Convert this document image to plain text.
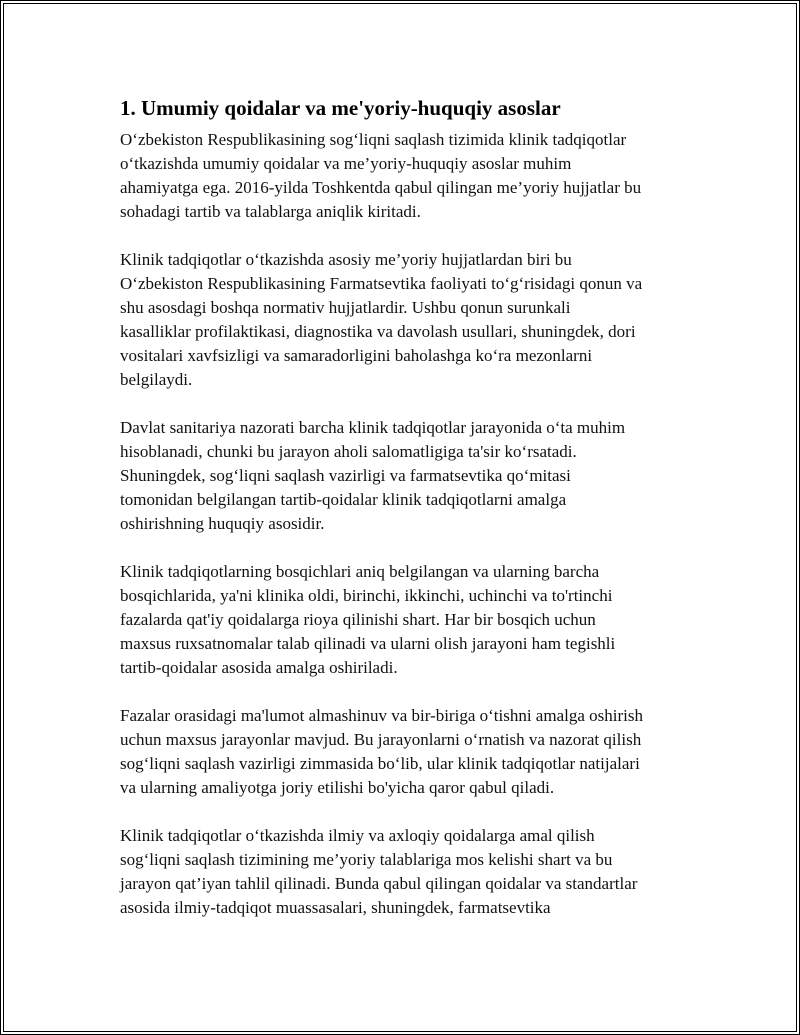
1. Umumiy qoidalar va me'yoriy-huquqiy asoslar

O‘zbekiston Respublikasining sog‘liqni saqlash tizimida klinik tadqiqotlar
o‘tkazishda umumiy qoidalar va me’yoriy-huquqiy asoslar muhim
ahamiyatga ega. 2016-yilda Toshkentda qabul qilingan me’yoriy hujjatlar bu
sohadagi tartib va talablarga aniqlik kiritadi.

Klinik tadqiqotlar o‘tkazishda asosiy me’yoriy hujjatlardan biri bu
O‘zbekiston Respublikasining Farmatsevtika faoliyati to‘g‘risidagi qonun va
shu asosdagi boshqa normativ hujjatlardir. Ushbu qonun surunkali
kasalliklar profilaktikasi, diagnostika va davolash usullari, shuningdek, dori
vositalari xavfsizligi va samaradorligini baholashga ko‘ra mezonlarni
belgilaydi.

Davlat sanitariya nazorati barcha klinik tadqiqotlar jarayonida o‘ta muhim
hisoblanadi, chunki bu jarayon aholi salomatligiga ta'sir ko‘rsatadi.
Shuningdek, sog‘liqni saqlash vazirligi va farmatsevtika qo‘mitasi
tomonidan belgilangan tartib-qoidalar klinik tadqiqotlarni amalga
oshirishning huquqiy asosidir.

Klinik tadqiqotlarning bosqichlari aniq belgilangan va ularning barcha
bosqichlarida, ya'ni klinika oldi, birinchi, ikkinchi, uchinchi va to'rtinchi
fazalarda qat'iy qoidalarga rioya qilinishi shart. Har bir bosqich uchun
maxsus ruxsatnomalar talab qilinadi va ularni olish jarayoni ham tegishli
tartib-qoidalar asosida amalga oshiriladi.

Fazalar orasidagi ma'lumot almashinuv va bir-biriga o‘tishni amalga oshirish
uchun maxsus jarayonlar mavjud. Bu jarayonlarni o‘rnatish va nazorat qilish
sog‘liqni saqlash vazirligi zimmasida bo‘lib, ular klinik tadqiqotlar natijalari
va ularning amaliyotga joriy etilishi bo'yicha qaror qabul qiladi.

Klinik tadqiqotlar o‘tkazishda ilmiy va axloqiy qoidalarga amal qilish
sog‘liqni saqlash tizimining me’yoriy talablariga mos kelishi shart va bu
jarayon qat’iyan tahlil qilinadi. Bunda qabul qilingan qoidalar va standartlar
asosida ilmiy-tadqiqot muassasalari, shuningdek, farmatsevtika
